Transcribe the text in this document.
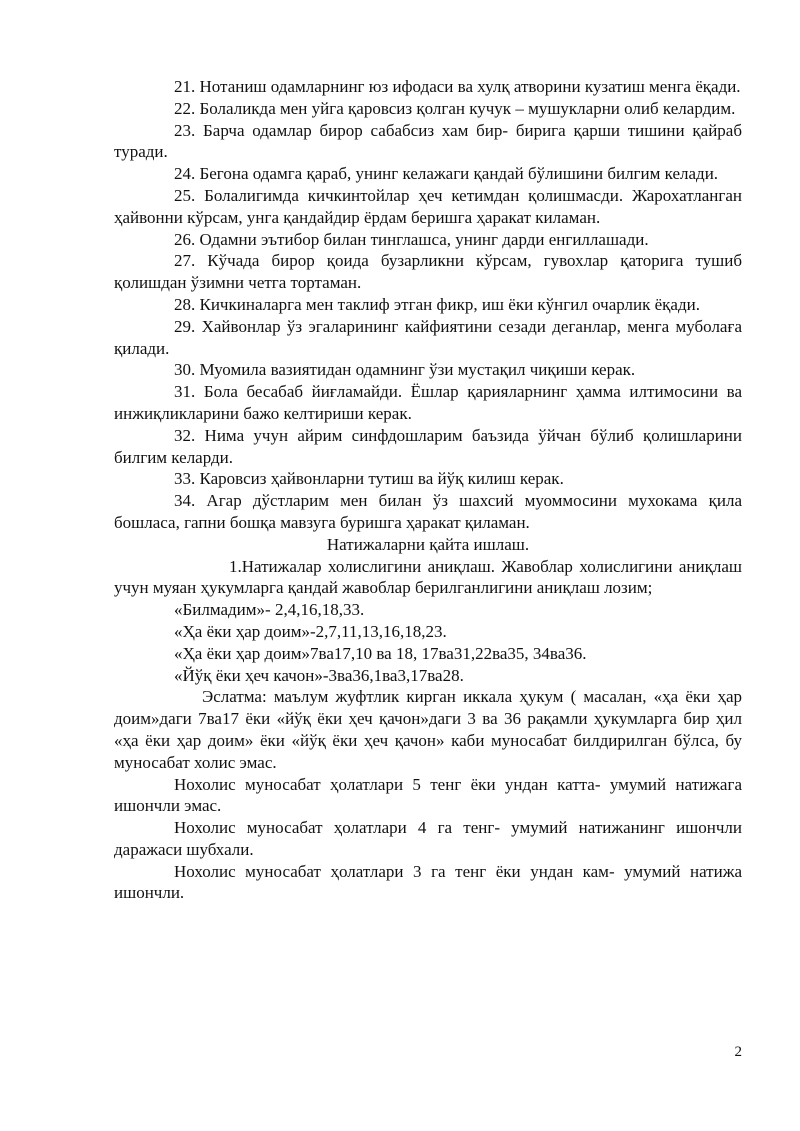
21. Нотаниш одамларнинг юз ифодаси ва хулқ атворини кузатиш менга ёқади.

22. Болаликда мен уйга қаровсиз қолган кучук – мушукларни олиб келардим.

23. Барча одамлар бирор сабабсиз хам бир- бирига қарши тишини қайраб туради.

24. Бегона одамга қараб, унинг келажаги қандай бўлишини билгим келади.

25. Болалигимда кичкинтойлар ҳеч кетимдан қолишмасди. Жарохатланган ҳайвонни кўрсам, унга қандайдир ёрдам беришга ҳаракат киламан.

26. Одамни эътибор билан тинглашса, унинг дарди енгиллашади.

27. Кўчада бирор қоида бузарликни кўрсам, гувохлар қаторига тушиб қолишдан ўзимни четга тортаман.

28. Кичкиналарга мен таклиф этган фикр, иш ёки кўнгил очарлик ёқади.

29. Хайвонлар ўз эгаларининг кайфиятини сезади деганлар, менга муболаға қилади.

30. Муомила вазиятидан одамнинг ўзи мустақил чиқиши керак.

31. Бола бесабаб йиғламайди. Ёшлар қарияларнинг ҳамма илтимосини ва инжиқликларини бажо келтириши керак.

32. Нима учун айрим синфдошларим баъзида ўйчан бўлиб қолишларини билгим келарди.

33. Каровсиз ҳайвонларни тутиш ва йўқ килиш керак.

34. Агар дўстларим мен билан ўз шахсий муоммосини мухокама қила бошласа, гапни бошқа мавзуга буришга ҳаракат қиламан.

Натижаларни қайта ишлаш.

1.Натижалар холислигини аниқлаш. Жавоблар холислигини аниқлаш учун муяан ҳукумларга қандай жавоблар берилганлигини аниқлаш лозим;

«Билмадим»- 2,4,16,18,33.

«Ҳа ёки ҳар доим»-2,7,11,13,16,18,23.

«Ҳа ёки ҳар доим»7ва17,10 ва 18, 17ва31,22ва35, 34ва36.

«Йўқ ёки ҳеч качон»-3ва36,1ва3,17ва28.

Эслатма: маълум жуфтлик кирган иккала ҳукум ( масалан, «ҳа ёки ҳар доим»даги 7ва17 ёки «йўқ ёки ҳеч қачон»даги 3 ва 36 рақамли ҳукумларга бир ҳил «ҳа ёки ҳар доим» ёки «йўқ ёки ҳеч қачон» каби муносабат билдирилган бўлса, бу муносабат холис эмас.

Нохолис муносабат ҳолатлари 5 тенг ёки ундан катта- умумий натижага ишончли эмас.

Нохолис муносабат ҳолатлари 4 га тенг- умумий натижанинг ишончли даражаси шубхали.

Нохолис муносабат ҳолатлари 3 га тенг ёки ундан кам- умумий натижа ишончли.

2
